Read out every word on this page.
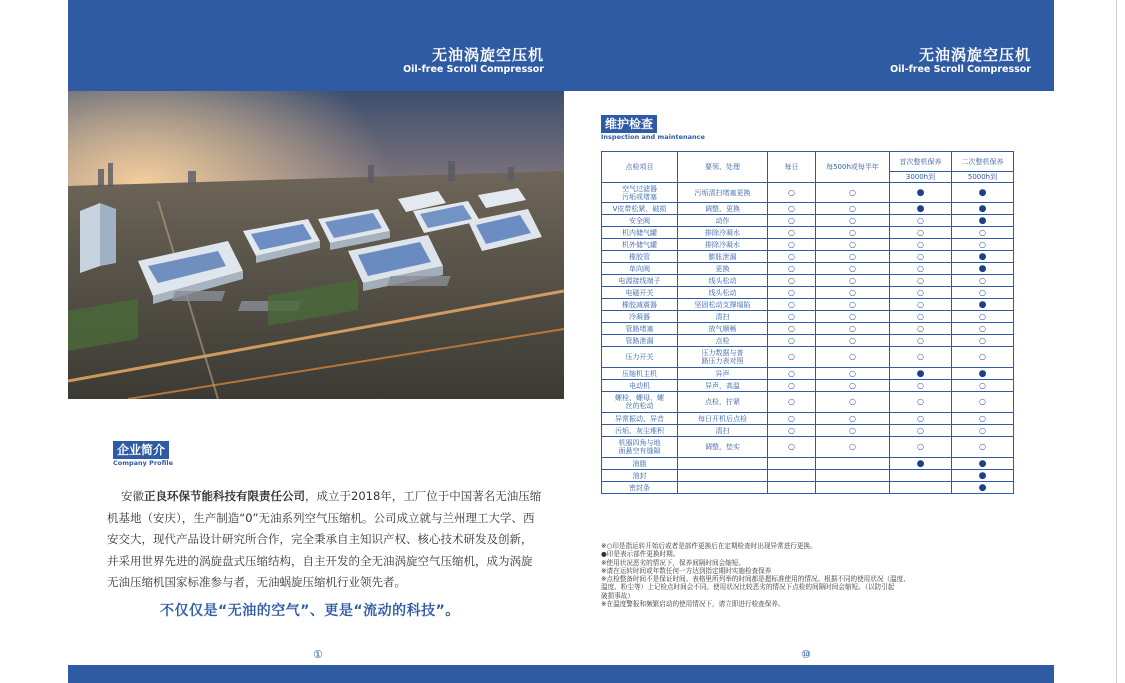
无油涡旋空压机
Oil-free Scroll Compressor
无油涡旋空压机
Oil-free Scroll Compressor
企业简介
Company Profile

安徽正良环保节能科技有限责任公司，成立于2018年，工厂位于中国著名无油压缩机基地（安庆），生产制造“0”无油系列空气压缩机。公司成立就与兰州理工大学、西安交大，现代产品设计研究所合作，完全秉承自主知识产权、核心技术研发及创新，并采用世界先进的涡旋盘式压缩结构，自主开发的全无油涡旋空气压缩机，成为涡旋无油压缩机国家标准参与者，无油蜗旋压缩机行业领先者。

不仅仅是“无油的空气”、更是“流动的科技”。
①	⑩
维护检查
Inspection and maintenance
点检项目	要领、处理	每日	每500h或每半年	首次整机保养	二次整机保养
				3000h到	5000h到
空气过滤器
污垢或堵塞	污垢清扫堵塞更换	○	○	●	●
V皮带松紧、破损	调整、更换	○	○	●	●
安全阀	动作	○	○	○	●
机内储气罐	排除冷凝水	○	○	○	○
机外储气罐	排除冷凝水	○	○	○	○
橡胶管	膨胀泄漏	○	○	○	●
单向阀	更换	○	○	○	●
电源接线端子	线头松动	○	○	○	○
电磁开关	线头松动	○	○	○	○
橡胶减震器	坚固松动支撑塌陷	○	○	○	●
冷凝器	清扫	○	○	○	○
管路堵塞	放气顺畅	○	○	○	○
管路泄漏	点检	○	○	○	○
压力开关	压力数据与普
路压力表对照	○	○	○	○
压缩机主机	异声	○	○	●	●
电动机	异声，高温	○	○	○	○
螺栓、螺母、螺
丝的松动	点检，拧紧	○	○	○	○
异常振动、异音	每日开机后点检	○	○	○	○
污垢、灰尘堆积	清扫	○	○	○	○
机器四角与地
面悬空有缝隙	调整，垫实	○	○	○	○
油脂				●	●
油封					●
密封条					●
※○印是指运转开始后或者是部件更换后在定期检查时出现异常进行更换。
●印是表示部件更换时期。
※使用状况恶劣的情况下，保养间隔时间会缩短。
※请在运转时间或年数任何一方达到指定期时实施检查保养
※点检整备时间不是保证时间。表格里所列举的时间都是摁标准使用的情况。根据不同的使用状况（温度、
温度、粉尘等）上记检点时间会不同。使用状况比较恶劣的情况下点检的间隔时间会缩短。（以防引起
破损事故）
※在温度警报和频繁启动的使用情况下，请立即进行检查保养。
